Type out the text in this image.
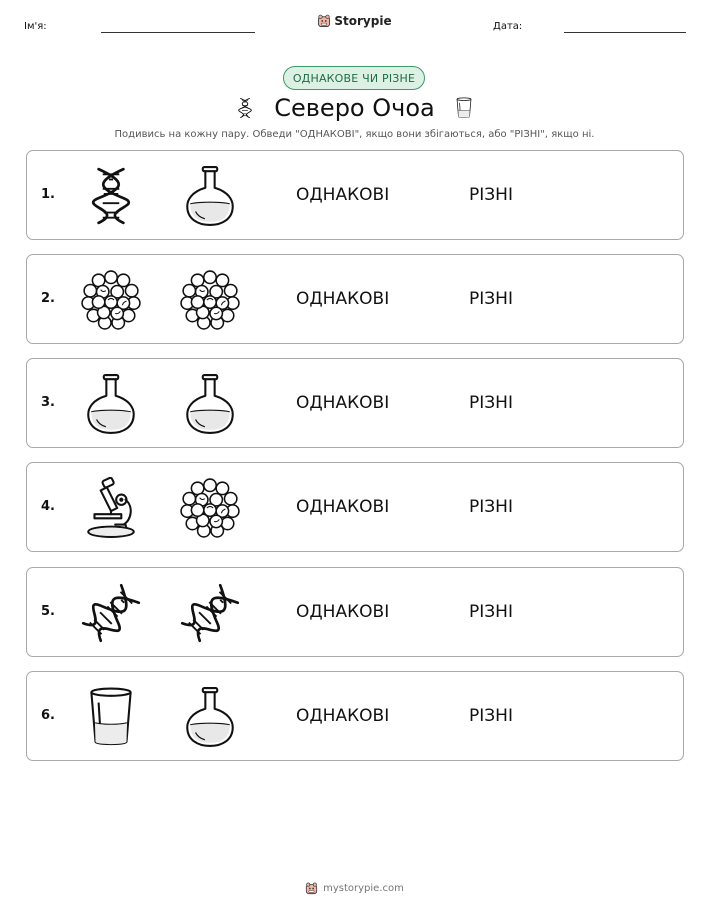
Ім'я:	Storypie	Дата:
ОДНАКОВЕ ЧИ РІЗНЕ
Северо Очоа
Подивись на кожну пару. Обведи "ОДНАКОВІ", якщо вони збігаються, або "РІЗНІ", якщо ні.
1.	ОДНАКОВІ	РІЗНІ
2.	ОДНАКОВІ	РІЗНІ
3.	ОДНАКОВІ	РІЗНІ
4.	ОДНАКОВІ	РІЗНІ
5.	ОДНАКОВІ	РІЗНІ
6.	ОДНАКОВІ	РІЗНІ
mystorypie.com
